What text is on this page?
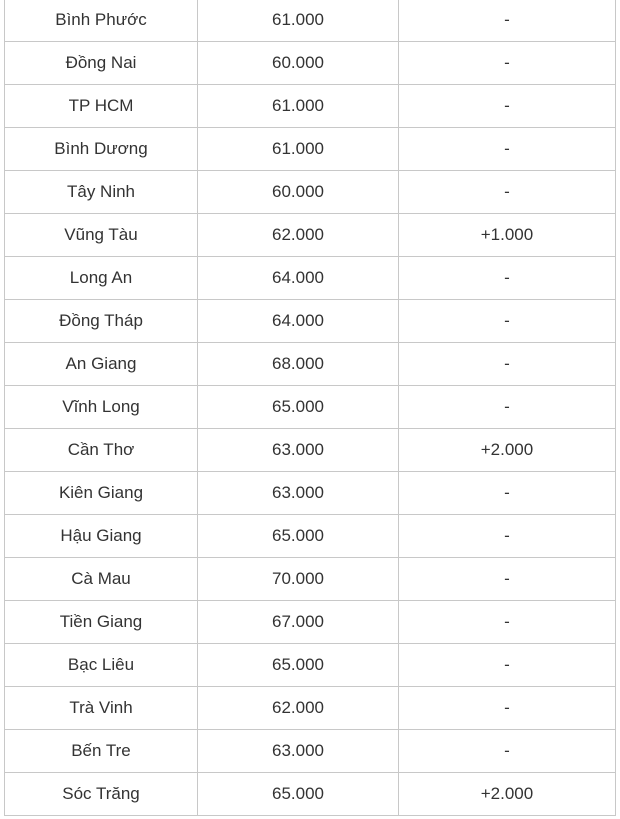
Bình Phước	61.000	-
Đồng Nai	60.000	-
TP HCM	61.000	-
Bình Dương	61.000	-
Tây Ninh	60.000	-
Vũng Tàu	62.000	+1.000
Long An	64.000	-
Đồng Tháp	64.000	-
An Giang	68.000	-
Vĩnh Long	65.000	-
Cần Thơ	63.000	+2.000
Kiên Giang	63.000	-
Hậu Giang	65.000	-
Cà Mau	70.000	-
Tiền Giang	67.000	-
Bạc Liêu	65.000	-
Trà Vinh	62.000	-
Bến Tre	63.000	-
Sóc Trăng	65.000	+2.000
